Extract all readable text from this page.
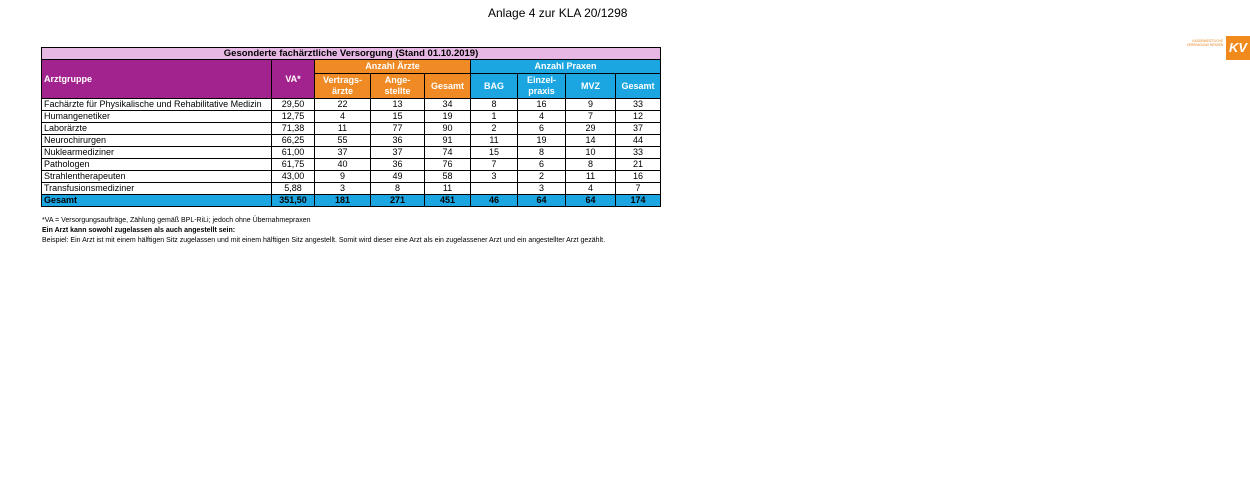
Anlage 4 zur KLA 20/1298
KASSENÄRZTLICHE VEREINIGUNG HESSEN KV
Gesonderte fachärztliche Versorgung (Stand 01.10.2019)								
Arztgruppe	VA*	Anzahl Ärzte			Anzahl Praxen			
		Vertrags-ärzte	Ange-stellte	Gesamt	BAG	Einzel-praxis	MVZ	Gesamt
Fachärzte für Physikalische und Rehabilitative Medizin	29,50	22	13	34	8	16	9	33
Humangenetiker	12,75	4	15	19	1	4	7	12
Laborärzte	71,38	11	77	90	2	6	29	37
Neurochirurgen	66,25	55	36	91	11	19	14	44
Nuklearmediziner	61,00	37	37	74	15	8	10	33
Pathologen	61,75	40	36	76	7	6	8	21
Strahlentherapeuten	43,00	9	49	58	3	2	11	16
Transfusionsmediziner	5,88	3	8	11		3	4	7
Gesamt	351,50	181	271	451	46	64	64	174
*VA = Versorgungsaufträge, Zählung gemäß BPL-RiLi; jedoch ohne Übernahmepraxen
Ein Arzt kann sowohl zugelassen als auch angestellt sein:
Beispiel: Ein Arzt ist mit einem hälftigen Sitz zugelassen und mit einem hälftigen Sitz angestellt. Somit wird dieser eine Arzt als ein zugelassener Arzt und ein angestellter Arzt gezählt.
